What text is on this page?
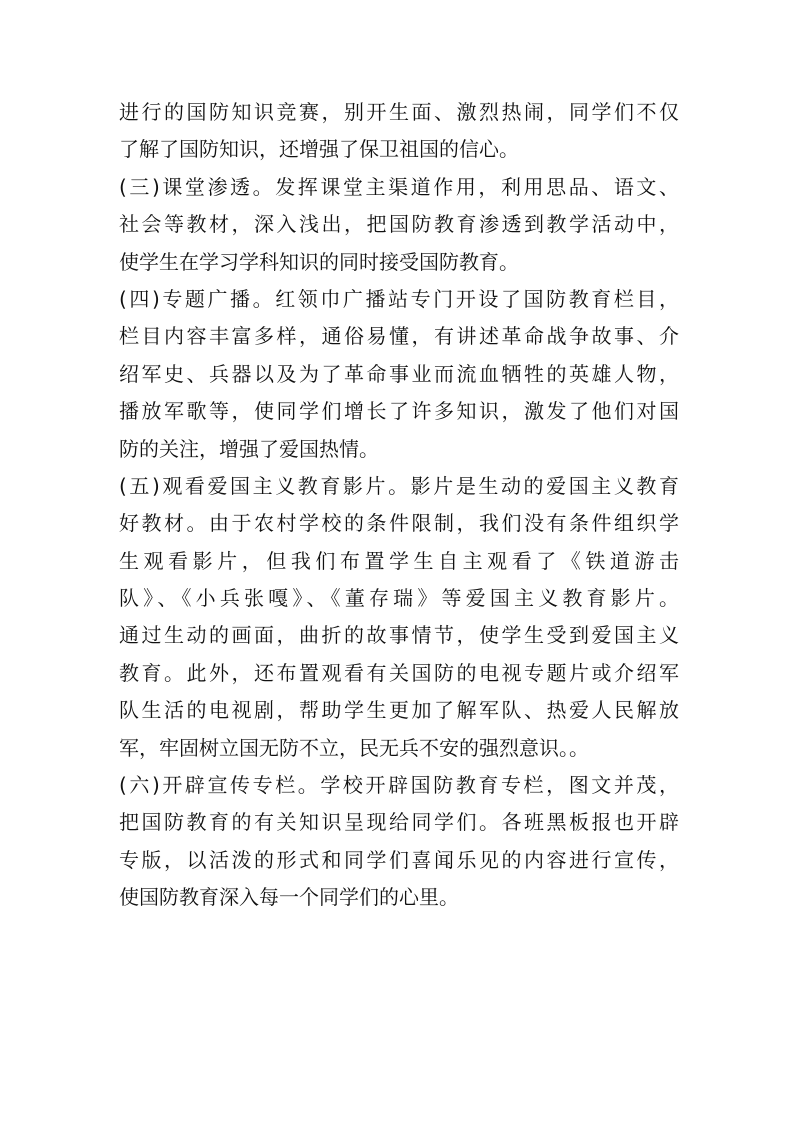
进行的国防知识竞赛，别开生面、激烈热闹，同学们不仅
了解了国防知识，还增强了保卫祖国的信心。
(三)课堂渗透。发挥课堂主渠道作用，利用思品、语文、
社会等教材，深入浅出，把国防教育渗透到教学活动中，
使学生在学习学科知识的同时接受国防教育。
(四)专题广播。红领巾广播站专门开设了国防教育栏目，
栏目内容丰富多样，通俗易懂，有讲述革命战争故事、介
绍军史、兵器以及为了革命事业而流血牺牲的英雄人物，
播放军歌等，使同学们增长了许多知识，激发了他们对国
防的关注，增强了爱国热情。
(五)观看爱国主义教育影片。影片是生动的爱国主义教育
好教材。由于农村学校的条件限制，我们没有条件组织学
生观看影片，但我们布置学生自主观看了《铁道游击
队》、《小兵张嘎》、《董存瑞》等爱国主义教育影片。
通过生动的画面，曲折的故事情节，使学生受到爱国主义
教育。此外，还布置观看有关国防的电视专题片或介绍军
队生活的电视剧，帮助学生更加了解军队、热爱人民解放
军，牢固树立国无防不立，民无兵不安的强烈意识。。
(六)开辟宣传专栏。学校开辟国防教育专栏，图文并茂，
把国防教育的有关知识呈现给同学们。各班黑板报也开辟
专版，以活泼的形式和同学们喜闻乐见的内容进行宣传，
使国防教育深入每一个同学们的心里。
